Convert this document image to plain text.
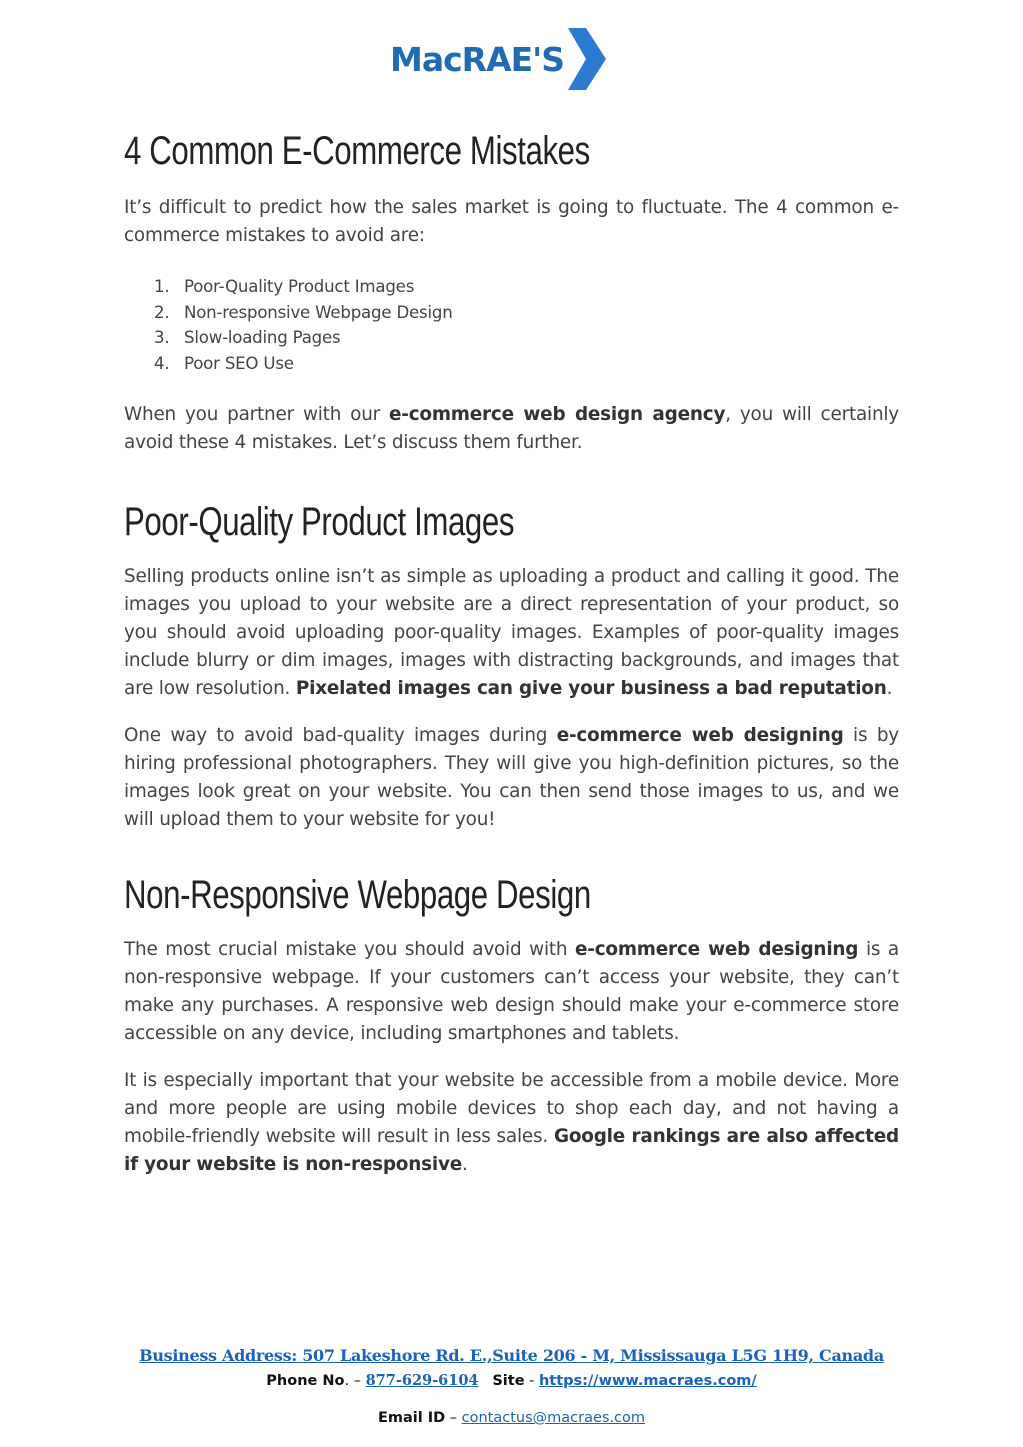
MacRAE'S
4 Common E-Commerce Mistakes

It’s difficult to predict how the sales market is going to fluctuate. The 4 common e-commerce mistakes to avoid are:

1. Poor-Quality Product Images
2. Non-responsive Webpage Design
3. Slow-loading Pages
4. Poor SEO Use

When you partner with our e-commerce web design agency, you will certainly avoid these 4 mistakes. Let’s discuss them further.

Poor-Quality Product Images

Selling products online isn’t as simple as uploading a product and calling it good. The images you upload to your website are a direct representation of your product, so you should avoid uploading poor-quality images. Examples of poor-quality images include blurry or dim images, images with distracting backgrounds, and images that are low resolution. Pixelated images can give your business a bad reputation.

One way to avoid bad-quality images during e-commerce web designing is by hiring professional photographers. They will give you high-definition pictures, so the images look great on your website. You can then send those images to us, and we will upload them to your website for you!

Non-Responsive Webpage Design

The most crucial mistake you should avoid with e-commerce web designing is a non-responsive webpage. If your customers can’t access your website, they can’t make any purchases. A responsive web design should make your e-commerce store accessible on any device, including smartphones and tablets.

It is especially important that your website be accessible from a mobile device. More and more people are using mobile devices to shop each day, and not having a mobile-friendly website will result in less sales. Google rankings are also affected if your website is non-responsive.

Business Address: 507 Lakeshore Rd. E.,Suite 206 - M, Mississauga L5G 1H9, Canada
Phone No. – 877-629-6104 Site - https://www.macraes.com/
Email ID – contactus@macraes.com
